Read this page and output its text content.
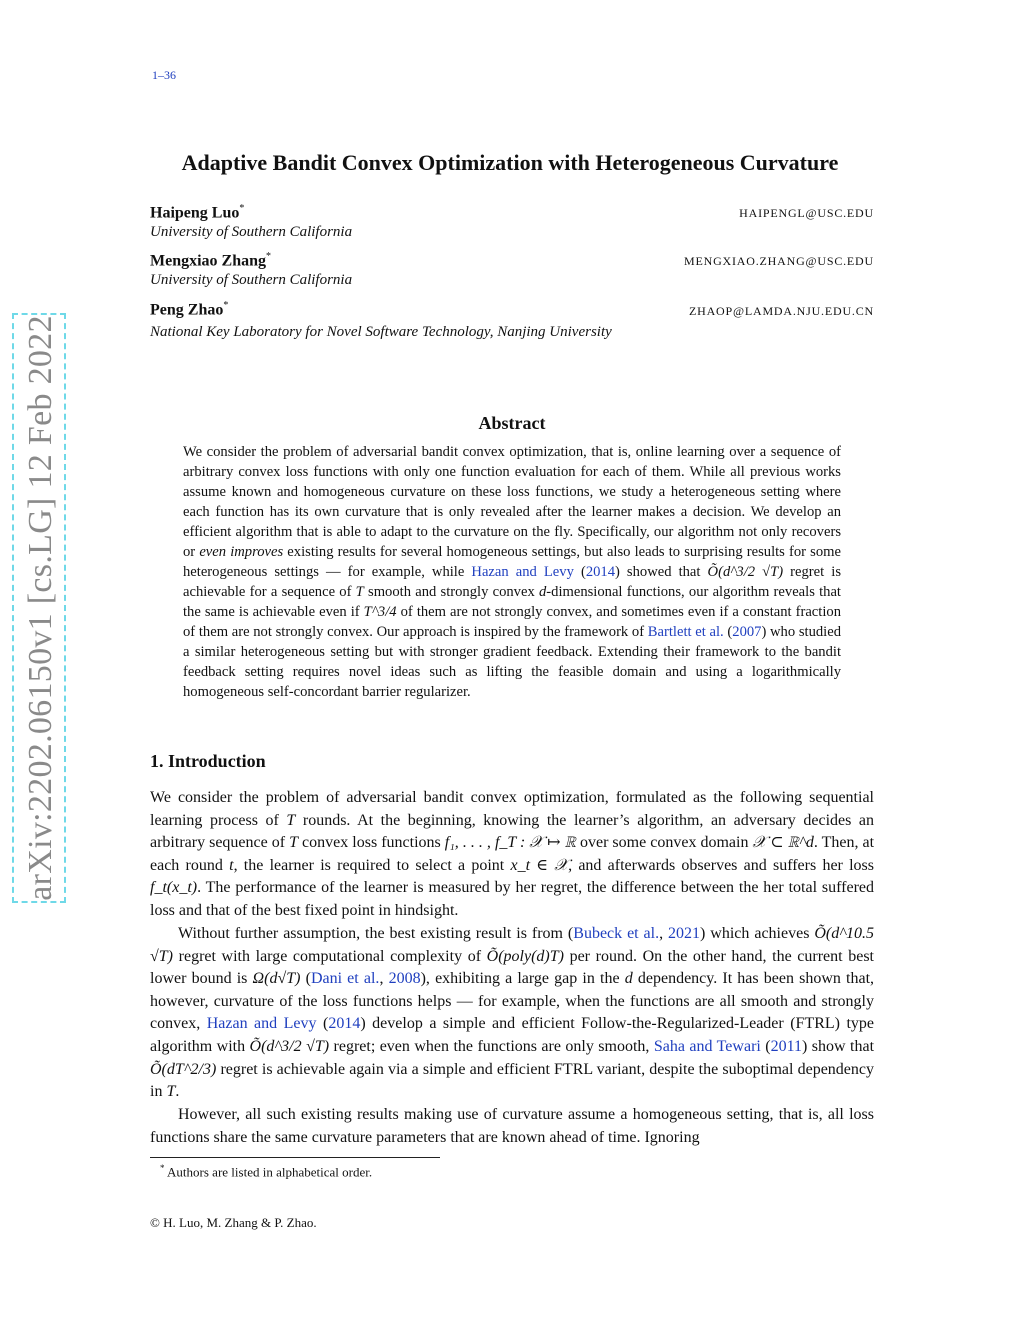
1–36
arXiv:2202.06150v1 [cs.LG] 12 Feb 2022
Adaptive Bandit Convex Optimization with Heterogeneous Curvature
Haipeng Luo*	HAIPENGL@USC.EDU
University of Southern California
Mengxiao Zhang*	MENGXIAO.ZHANG@USC.EDU
University of Southern California
Peng Zhao*	ZHAOP@LAMDA.NJU.EDU.CN
National Key Laboratory for Novel Software Technology, Nanjing University
Abstract
We consider the problem of adversarial bandit convex optimization, that is, online learning over a sequence of arbitrary convex loss functions with only one function evaluation for each of them. While all previous works assume known and homogeneous curvature on these loss functions, we study a heterogeneous setting where each function has its own curvature that is only revealed after the learner makes a decision. We develop an efficient algorithm that is able to adapt to the curvature on the fly. Specifically, our algorithm not only recovers or even improves existing results for several homogeneous settings, but also leads to surprising results for some heterogeneous settings — for example, while Hazan and Levy (2014) showed that Õ(d^3/2 √T) regret is achievable for a sequence of T smooth and strongly convex d-dimensional functions, our algorithm reveals that the same is achievable even if T^3/4 of them are not strongly convex, and sometimes even if a constant fraction of them are not strongly convex. Our approach is inspired by the framework of Bartlett et al. (2007) who studied a similar heterogeneous setting but with stronger gradient feedback. Extending their framework to the bandit feedback setting requires novel ideas such as lifting the feasible domain and using a logarithmically homogeneous self-concordant barrier regularizer.
1. Introduction
We consider the problem of adversarial bandit convex optimization, formulated as the following sequential learning process of T rounds. At the beginning, knowing the learner’s algorithm, an adversary decides an arbitrary sequence of T convex loss functions f₁, . . . , f_T : 𝒳 ↦ ℝ over some convex domain 𝒳 ⊂ ℝ^d. Then, at each round t, the learner is required to select a point x_t ∈ 𝒳, and afterwards observes and suffers her loss f_t(x_t). The performance of the learner is measured by her regret, the difference between the her total suffered loss and that of the best fixed point in hindsight.
Without further assumption, the best existing result is from (Bubeck et al., 2021) which achieves Õ(d^10.5 √T) regret with large computational complexity of Õ(poly(d)T) per round. On the other hand, the current best lower bound is Ω(d√T) (Dani et al., 2008), exhibiting a large gap in the d dependency. It has been shown that, however, curvature of the loss functions helps — for example, when the functions are all smooth and strongly convex, Hazan and Levy (2014) develop a simple and efficient Follow-the-Regularized-Leader (FTRL) type algorithm with Õ(d^3/2 √T) regret; even when the functions are only smooth, Saha and Tewari (2011) show that Õ(dT^2/3) regret is achievable again via a simple and efficient FTRL variant, despite the suboptimal dependency in T.
However, all such existing results making use of curvature assume a homogeneous setting, that is, all loss functions share the same curvature parameters that are known ahead of time. Ignoring
* Authors are listed in alphabetical order.
© H. Luo, M. Zhang & P. Zhao.
